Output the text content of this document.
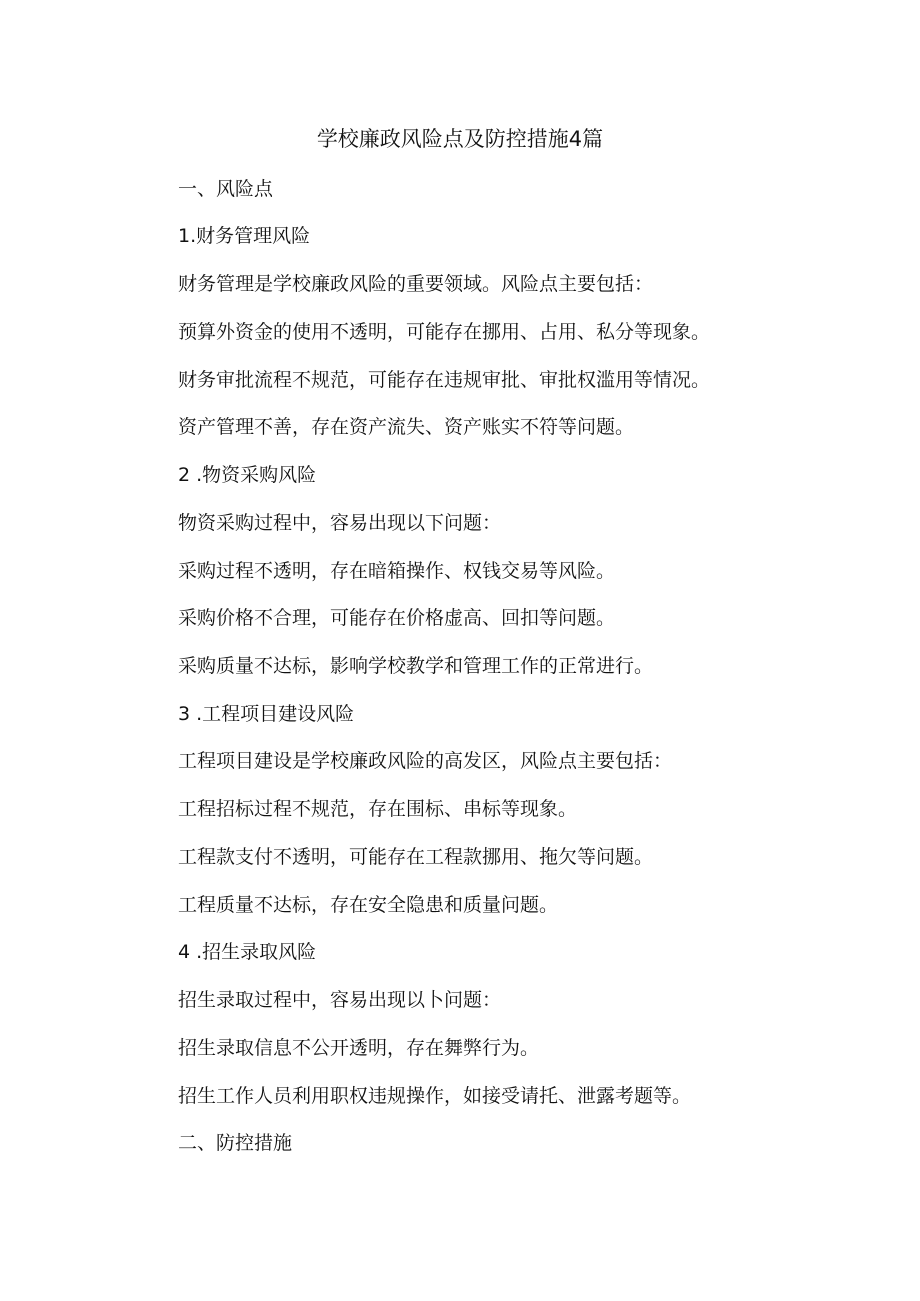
学校廉政风险点及防控措施4篇

一、风险点

1.财务管理风险

财务管理是学校廉政风险的重要领域。风险点主要包括：

预算外资金的使用不透明，可能存在挪用、占用、私分等现象。

财务审批流程不规范，可能存在违规审批、审批权滥用等情况。

资产管理不善，存在资产流失、资产账实不符等问题。

2 .物资采购风险

物资采购过程中，容易出现以下问题：

采购过程不透明，存在暗箱操作、权钱交易等风险。

采购价格不合理，可能存在价格虚高、回扣等问题。

采购质量不达标，影响学校教学和管理工作的正常进行。

3 .工程项目建设风险

工程项目建设是学校廉政风险的高发区，风险点主要包括：

工程招标过程不规范，存在围标、串标等现象。

工程款支付不透明，可能存在工程款挪用、拖欠等问题。

工程质量不达标，存在安全隐患和质量问题。

4 .招生录取风险

招生录取过程中，容易出现以卜问题：

招生录取信息不公开透明，存在舞弊行为。

招生工作人员利用职权违规操作，如接受请托、泄露考题等。

二、防控措施
